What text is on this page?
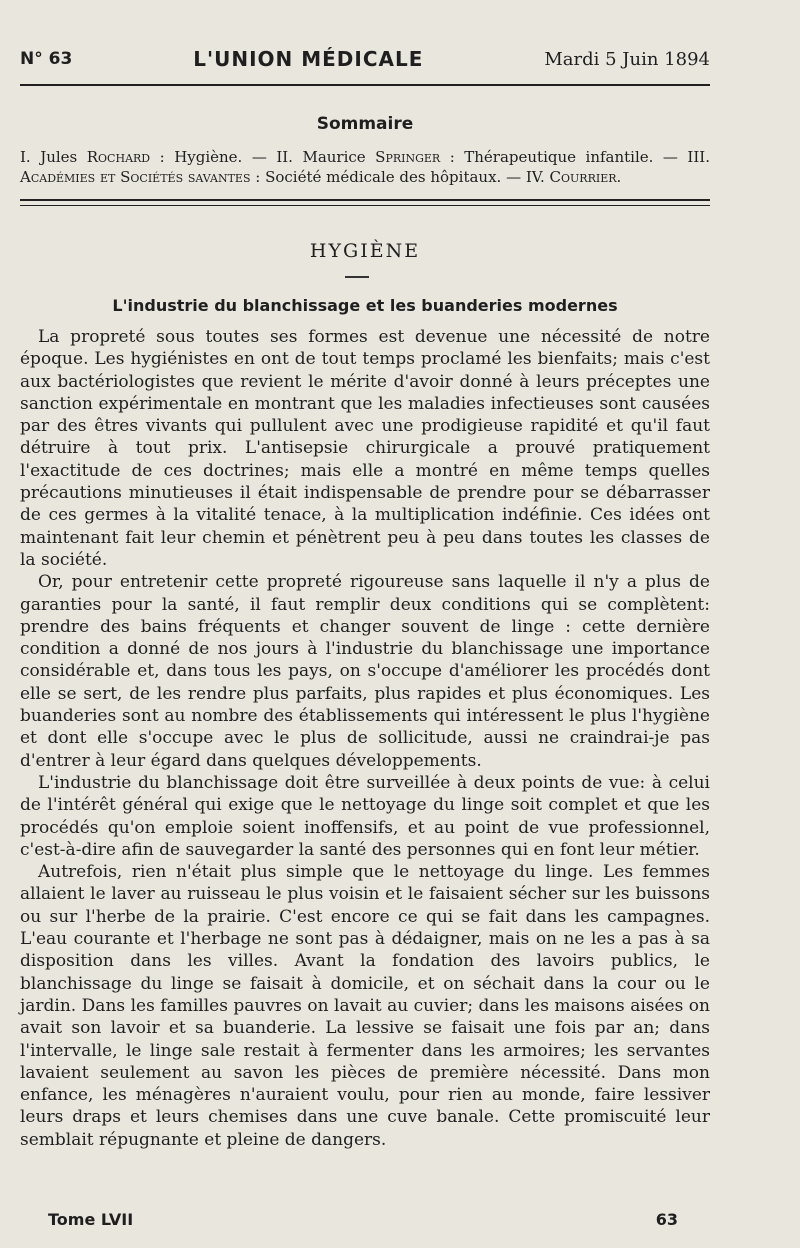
N° 63	L'UNION MÉDICALE	Mardi 5 Juin 1894
Sommaire
I. Jules Rochard : Hygiène. — II. Maurice Springer : Thérapeutique infantile. — III. Académies et Sociétés savantes : Société médicale des hôpitaux. — IV. Courrier.
HYGIÈNE
L'industrie du blanchissage et les buanderies modernes

La propreté sous toutes ses formes est devenue une nécessité de notre époque. Les hygiénistes en ont de tout temps proclamé les bienfaits; mais c'est aux bactériologistes que revient le mérite d'avoir donné à leurs préceptes une sanction expérimentale en montrant que les maladies infectieuses sont causées par des êtres vivants qui pullulent avec une prodigieuse rapidité et qu'il faut détruire à tout prix. L'antisepsie chirurgicale a prouvé pratiquement l'exactitude de ces doctrines; mais elle a montré en même temps quelles précautions minutieuses il était indispensable de prendre pour se débarrasser de ces germes à la vitalité tenace, à la multiplication indéfinie. Ces idées ont maintenant fait leur chemin et pénètrent peu à peu dans toutes les classes de la société.

Or, pour entretenir cette propreté rigoureuse sans laquelle il n'y a plus de garanties pour la santé, il faut remplir deux conditions qui se complètent: prendre des bains fréquents et changer souvent de linge : cette dernière condition a donné de nos jours à l'industrie du blanchissage une importance considérable et, dans tous les pays, on s'occupe d'améliorer les procédés dont elle se sert, de les rendre plus parfaits, plus rapides et plus économiques. Les buanderies sont au nombre des établissements qui intéressent le plus l'hygiène et dont elle s'occupe avec le plus de sollicitude, aussi ne craindrai-je pas d'entrer à leur égard dans quelques développements.

L'industrie du blanchissage doit être surveillée à deux points de vue: à celui de l'intérêt général qui exige que le nettoyage du linge soit complet et que les procédés qu'on emploie soient inoffensifs, et au point de vue professionnel, c'est-à-dire afin de sauvegarder la santé des personnes qui en font leur métier.

Autrefois, rien n'était plus simple que le nettoyage du linge. Les femmes allaient le laver au ruisseau le plus voisin et le faisaient sécher sur les buissons ou sur l'herbe de la prairie. C'est encore ce qui se fait dans les campagnes. L'eau courante et l'herbage ne sont pas à dédaigner, mais on ne les a pas à sa disposition dans les villes. Avant la fondation des lavoirs publics, le blanchissage du linge se faisait à domicile, et on séchait dans la cour ou le jardin. Dans les familles pauvres on lavait au cuvier; dans les maisons aisées on avait son lavoir et sa buanderie. La lessive se faisait une fois par an; dans l'intervalle, le linge sale restait à fermenter dans les armoires; les servantes lavaient seulement au savon les pièces de première nécessité. Dans mon enfance, les ménagères n'auraient voulu, pour rien au monde, faire lessiver leurs draps et leurs chemises dans une cuve banale. Cette promiscuité leur semblait répugnante et pleine de dangers.

Tome LVII	63
